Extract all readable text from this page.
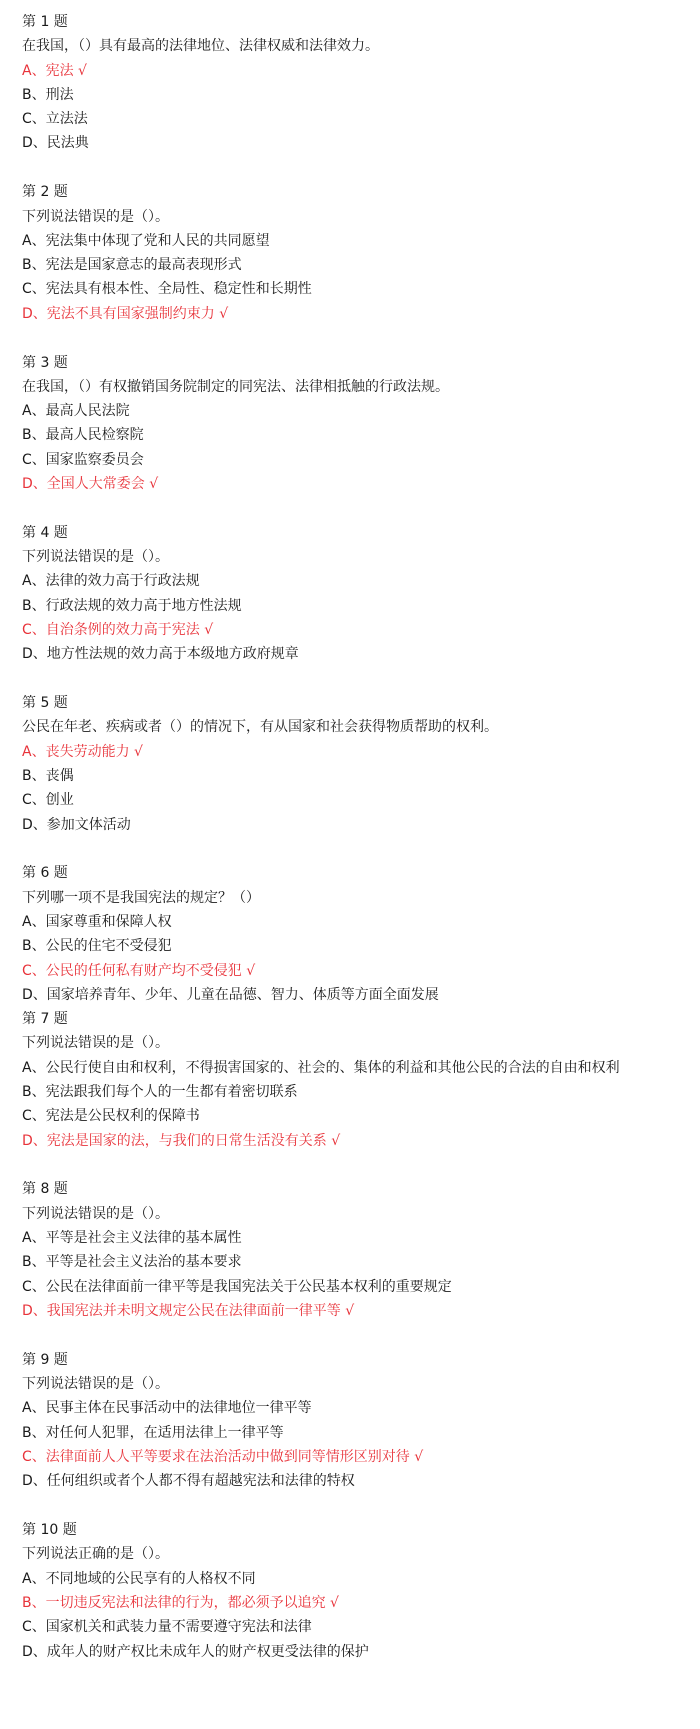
第 1 题
在我国，（）具有最高的法律地位、法律权威和法律效力。
A、宪法 √
B、刑法
C、立法法
D、民法典
第 2 题
下列说法错误的是（）。
A、宪法集中体现了党和人民的共同愿望
B、宪法是国家意志的最高表现形式
C、宪法具有根本性、全局性、稳定性和长期性
D、宪法不具有国家强制约束力 √
第 3 题
在我国，（）有权撤销国务院制定的同宪法、法律相抵触的行政法规。
A、最高人民法院
B、最高人民检察院
C、国家监察委员会
D、全国人大常委会 √
第 4 题
下列说法错误的是（）。
A、法律的效力高于行政法规
B、行政法规的效力高于地方性法规
C、自治条例的效力高于宪法 √
D、地方性法规的效力高于本级地方政府规章
第 5 题
公民在年老、疾病或者（）的情况下，有从国家和社会获得物质帮助的权利。
A、丧失劳动能力 √
B、丧偶
C、创业
D、参加文体活动
第 6 题
下列哪一项不是我国宪法的规定？（）
A、国家尊重和保障人权
B、公民的住宅不受侵犯
C、公民的任何私有财产均不受侵犯 √
D、国家培养青年、少年、儿童在品德、智力、体质等方面全面发展
第 7 题
下列说法错误的是（）。
A、公民行使自由和权利，不得损害国家的、社会的、集体的利益和其他公民的合法的自由和权利
B、宪法跟我们每个人的一生都有着密切联系
C、宪法是公民权利的保障书
D、宪法是国家的法，与我们的日常生活没有关系 √
第 8 题
下列说法错误的是（）。
A、平等是社会主义法律的基本属性
B、平等是社会主义法治的基本要求
C、公民在法律面前一律平等是我国宪法关于公民基本权利的重要规定
D、我国宪法并未明文规定公民在法律面前一律平等 √
第 9 题
下列说法错误的是（）。
A、民事主体在民事活动中的法律地位一律平等
B、对任何人犯罪，在适用法律上一律平等
C、法律面前人人平等要求在法治活动中做到同等情形区别对待 √
D、任何组织或者个人都不得有超越宪法和法律的特权
第 10 题
下列说法正确的是（）。
A、不同地域的公民享有的人格权不同
B、一切违反宪法和法律的行为，都必须予以追究 √
C、国家机关和武装力量不需要遵守宪法和法律
D、成年人的财产权比未成年人的财产权更受法律的保护
